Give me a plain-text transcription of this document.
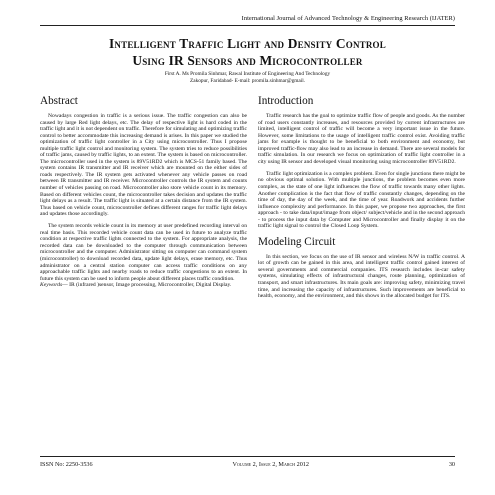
International Journal of Advanced Technology & Engineering Research (IJATER)
Intelligent Traffic Light and Density Control
Using IR Sensors and Microcontroller
First A. Ms Promila Sinhmar, Rawal Institute of Engineering And Technology
Zakopur, Faridabad- E-mail: promila.sinhmar@gmail.
Abstract

Nowadays congestion in traffic is a serious issue. The traffic congestion can also be caused by large Red light delays, etc. The delay of respective light is hard coded in the traffic light and it is not dependent on traffic. Therefore for simulating and optimizing traffic control to better accommodate this increasing demand is arises. In this paper we studied the optimization of traffic light controller in a City using microcontroller. Thus I propose multiple traffic light control and monitoring system. The system tries to reduce possibilities of traffic jams, caused by traffic lights, to an extent. The system is based on microcontroller. The microcontroller used in the system is 89V51RD2 which is MCS-51 family based. The system contains IR transmitter and IR receiver which are mounted on the either sides of roads respectively. The IR system gets activated whenever any vehicle passes on road between IR transmitter and IR receiver. Microcontroller controls the IR system and counts number of vehicles passing on road. Microcontroller also store vehicle count in its memory. Based on different vehicles count, the microcontroller takes decision and updates the traffic light delays as a result. The traffic light is situated at a certain distance from the IR system. Thus based on vehicle count, microcontroller defines different ranges for traffic light delays and updates those accordingly.

The system records vehicle count in its memory at user predefined recording interval on real time basis. This recorded vehicle count data can be used in future to analyze traffic condition at respective traffic lights connected to the system. For appropriate analysis, the recorded data can be downloaded to the computer through communication between microcontroller and the computer. Administrator sitting on computer can command system (microcontroller) to download recorded data, update light delays, erase memory, etc. Thus administrator on a central station computer can access traffic conditions on any approachable traffic lights and nearby roads to reduce traffic congestions to an extent. In future this system can be used to inform people about different places traffic condition.

Keywords— IR (infrared )sensor, Image processing, Microcontroller, Digital Display.

Introduction

Traffic research has the goal to optimize traffic flow of people and goods. As the number of road users constantly increases, and resources provided by current infrastructures are limited, intelligent control of traffic will become a very important issue in the future. However, some limitations to the usage of intelligent traffic control exist. Avoiding traffic jams for example is thought to be beneficial to both environment and economy, but improved traffic-flow may also lead to an increase in demand. There are several models for traffic simulation. In our research we focus on optimization of traffic light controller in a city using IR sensor and developed visual monitoring using microcontroller 89V51RD2.

Traffic light optimization is a complex problem. Even for single junctions there might be no obvious optimal solution. With multiple junctions, the problem becomes even more complex, as the state of one light influences the flow of traffic towards many other lights. Another complication is the fact that flow of traffic constantly changes, depending on the time of day, the day of the week, and the time of year. Roadwork and accidents further influence complexity and performance. In this paper, we propose two approaches, the first approach - to take data/input/image from object/ subject/vehicle and in the second approach - to process the input data by Computer and Microcontroller and finally display it on the traffic light signal to control the Closed Loop System.

Modeling Circuit

In this section, we focus on the use of IR sensor and wireless N/W in traffic control. A lot of growth can be gained in this area, and intelligent traffic control gained interest of several governments and commercial companies. ITS research includes in-car safety systems, simulating effects of infrastructural changes, route planning, optimization of transport, and smart infrastructures. Its main goals are: improving safety, minimizing travel time, and increasing the capacity of infrastructures. Such improvements are beneficial to health, economy, and the environment, and this shows in the allocated budget for ITS.

ISSN No: 2250-3536	Volume 2, Issue 2, March 2012	30
